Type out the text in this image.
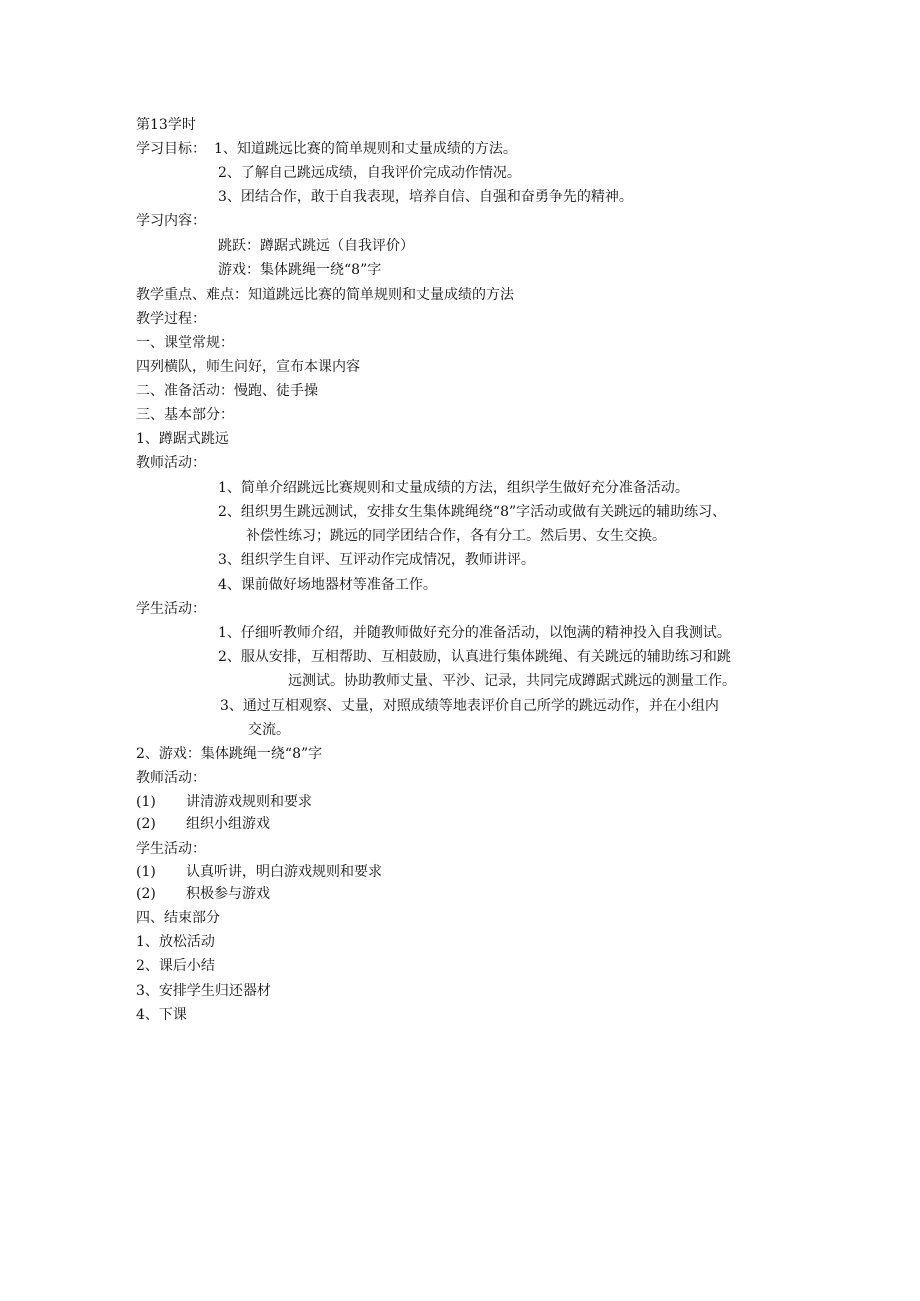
第13学时
学习目标： 1、知道跳远比赛的简单规则和丈量成绩的方法。
2、了解自己跳远成绩，自我评价完成动作情况。
3、团结合作，敢于自我表现，培养自信、自强和奋勇争先的精神。
学习内容：
跳跃：蹲踞式跳远（自我评价）
游戏：集体跳绳一绕“8”字
教学重点、难点：知道跳远比赛的简单规则和丈量成绩的方法
教学过程：
一、课堂常规：
四列横队，师生问好，宣布本课内容
二、准备活动：慢跑、徒手操
三、基本部分：
1、蹲踞式跳远
教师活动：
1、简单介绍跳远比赛规则和丈量成绩的方法，组织学生做好充分准备活动。
2、组织男生跳远测试，安排女生集体跳绳绕“8”字活动或做有关跳远的辅助练习、
补偿性练习；跳远的同学团结合作，各有分工。然后男、女生交换。
3、组织学生自评、互评动作完成情况，教师讲评。
4、课前做好场地器材等准备工作。
学生活动：
1、仔细听教师介绍，并随教师做好充分的准备活动，以饱满的精神投入自我测试。
2、服从安排，互相帮助、互相鼓励，认真进行集体跳绳、有关跳远的辅助练习和跳
远测试。协助教师丈量、平沙、记录，共同完成蹲踞式跳远的测量工作。
3、通过互相观察、丈量，对照成绩等地表评价自己所学的跳远动作，并在小组内
交流。
2、游戏：集体跳绳一绕“8”字
教师活动：
(1) 讲清游戏规则和要求
(2) 组织小组游戏
学生活动：
(1) 认真听讲，明白游戏规则和要求
(2) 积极参与游戏
四、结束部分
1、放松活动
2、课后小结
3、安排学生归还器材
4、下课
